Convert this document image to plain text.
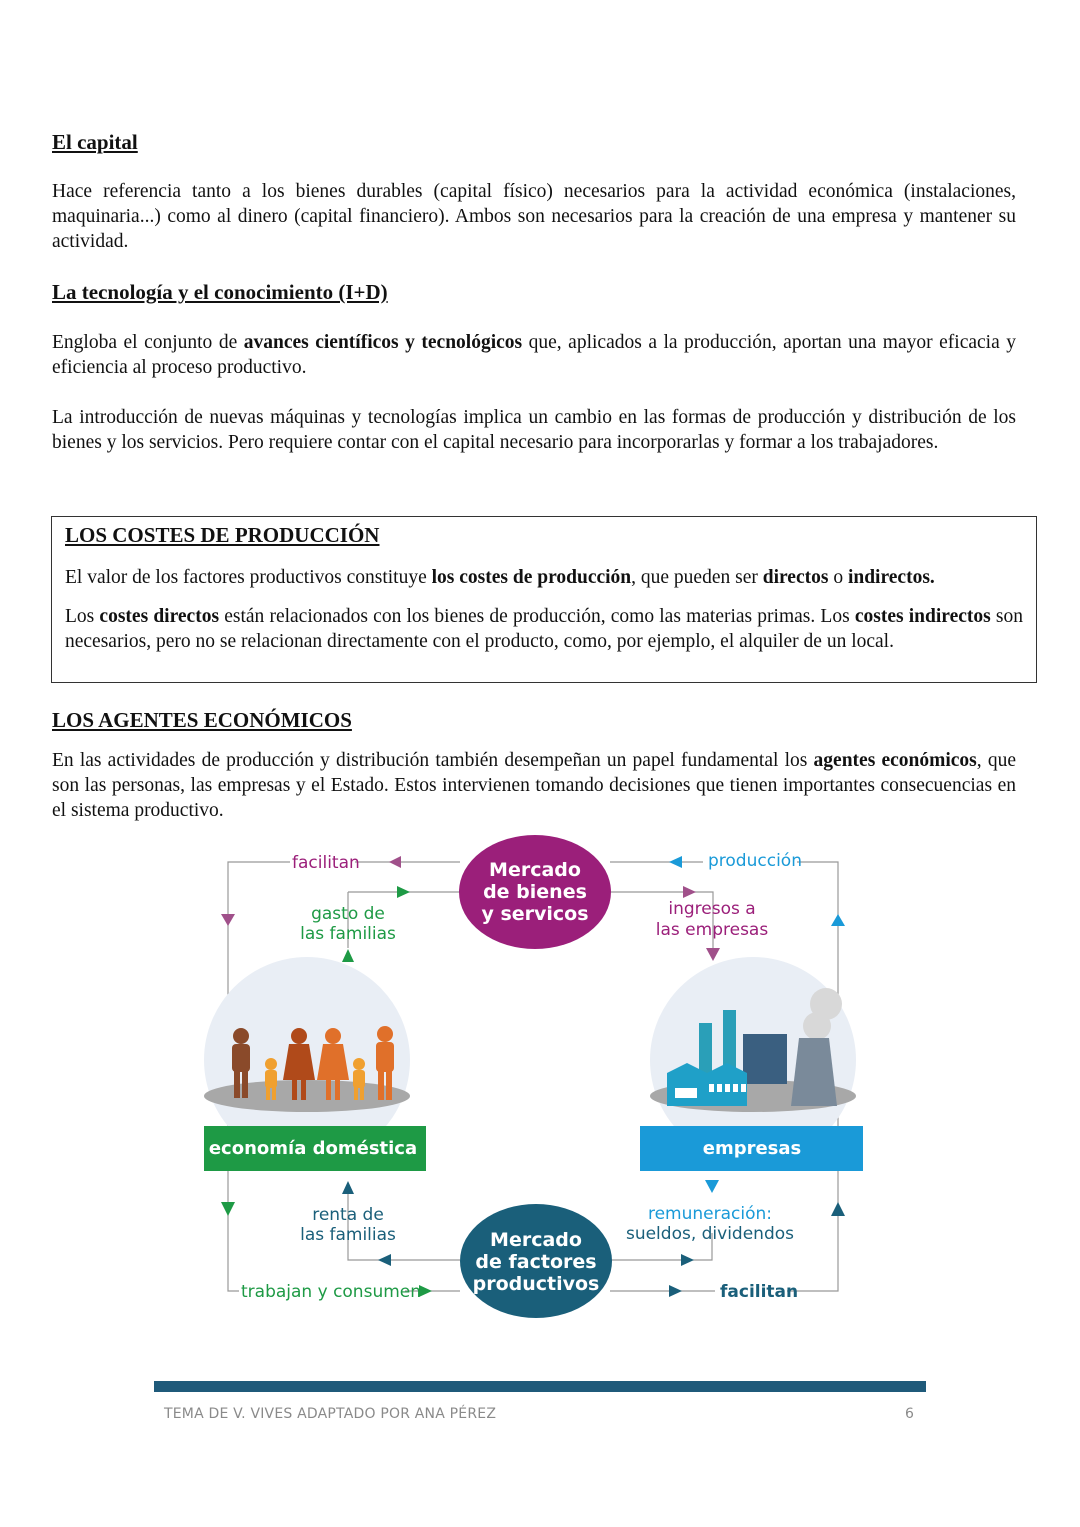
El capital

Hace referencia tanto a los bienes durables (capital físico) necesarios para la actividad económica (instalaciones, maquinaria...) como al dinero (capital financiero). Ambos son necesarios para la creación de una empresa y mantener su actividad.

La tecnología y el conocimiento (I+D)

Engloba el conjunto de avances científicos y tecnológicos que, aplicados a la producción, aportan una mayor eficacia y eficiencia al proceso productivo.

La introducción de nuevas máquinas y tecnologías implica un cambio en las formas de producción y distribución de los bienes y los servicios. Pero requiere contar con el capital necesario para incorporarlas y formar a los trabajadores.

LOS COSTES DE PRODUCCIÓN

El valor de los factores productivos constituye los costes de producción, que pueden ser directos o indirectos.

Los costes directos están relacionados con los bienes de producción, como las materias primas. Los costes indirectos son necesarios, pero no se relacionan directamente con el producto, como, por ejemplo, el alquiler de un local.

LOS AGENTES ECONÓMICOS

En las actividades de producción y distribución también desempeñan un papel fundamental los agentes económicos, que son las personas, las empresas y el Estado. Estos intervienen tomando decisiones que tienen importantes consecuencias en el sistema productivo.

Mercado
de bienes
y servicos
Mercado
de factores
productivos
facilitan	producción
gasto de
las familias
ingresos a
las empresas
economía doméstica	empresas
renta de
las familias
remuneración:
sueldos, dividendos
trabajan y consumen	facilitan
TEMA DE V. VIVES ADAPTADO POR ANA PÉREZ	6
